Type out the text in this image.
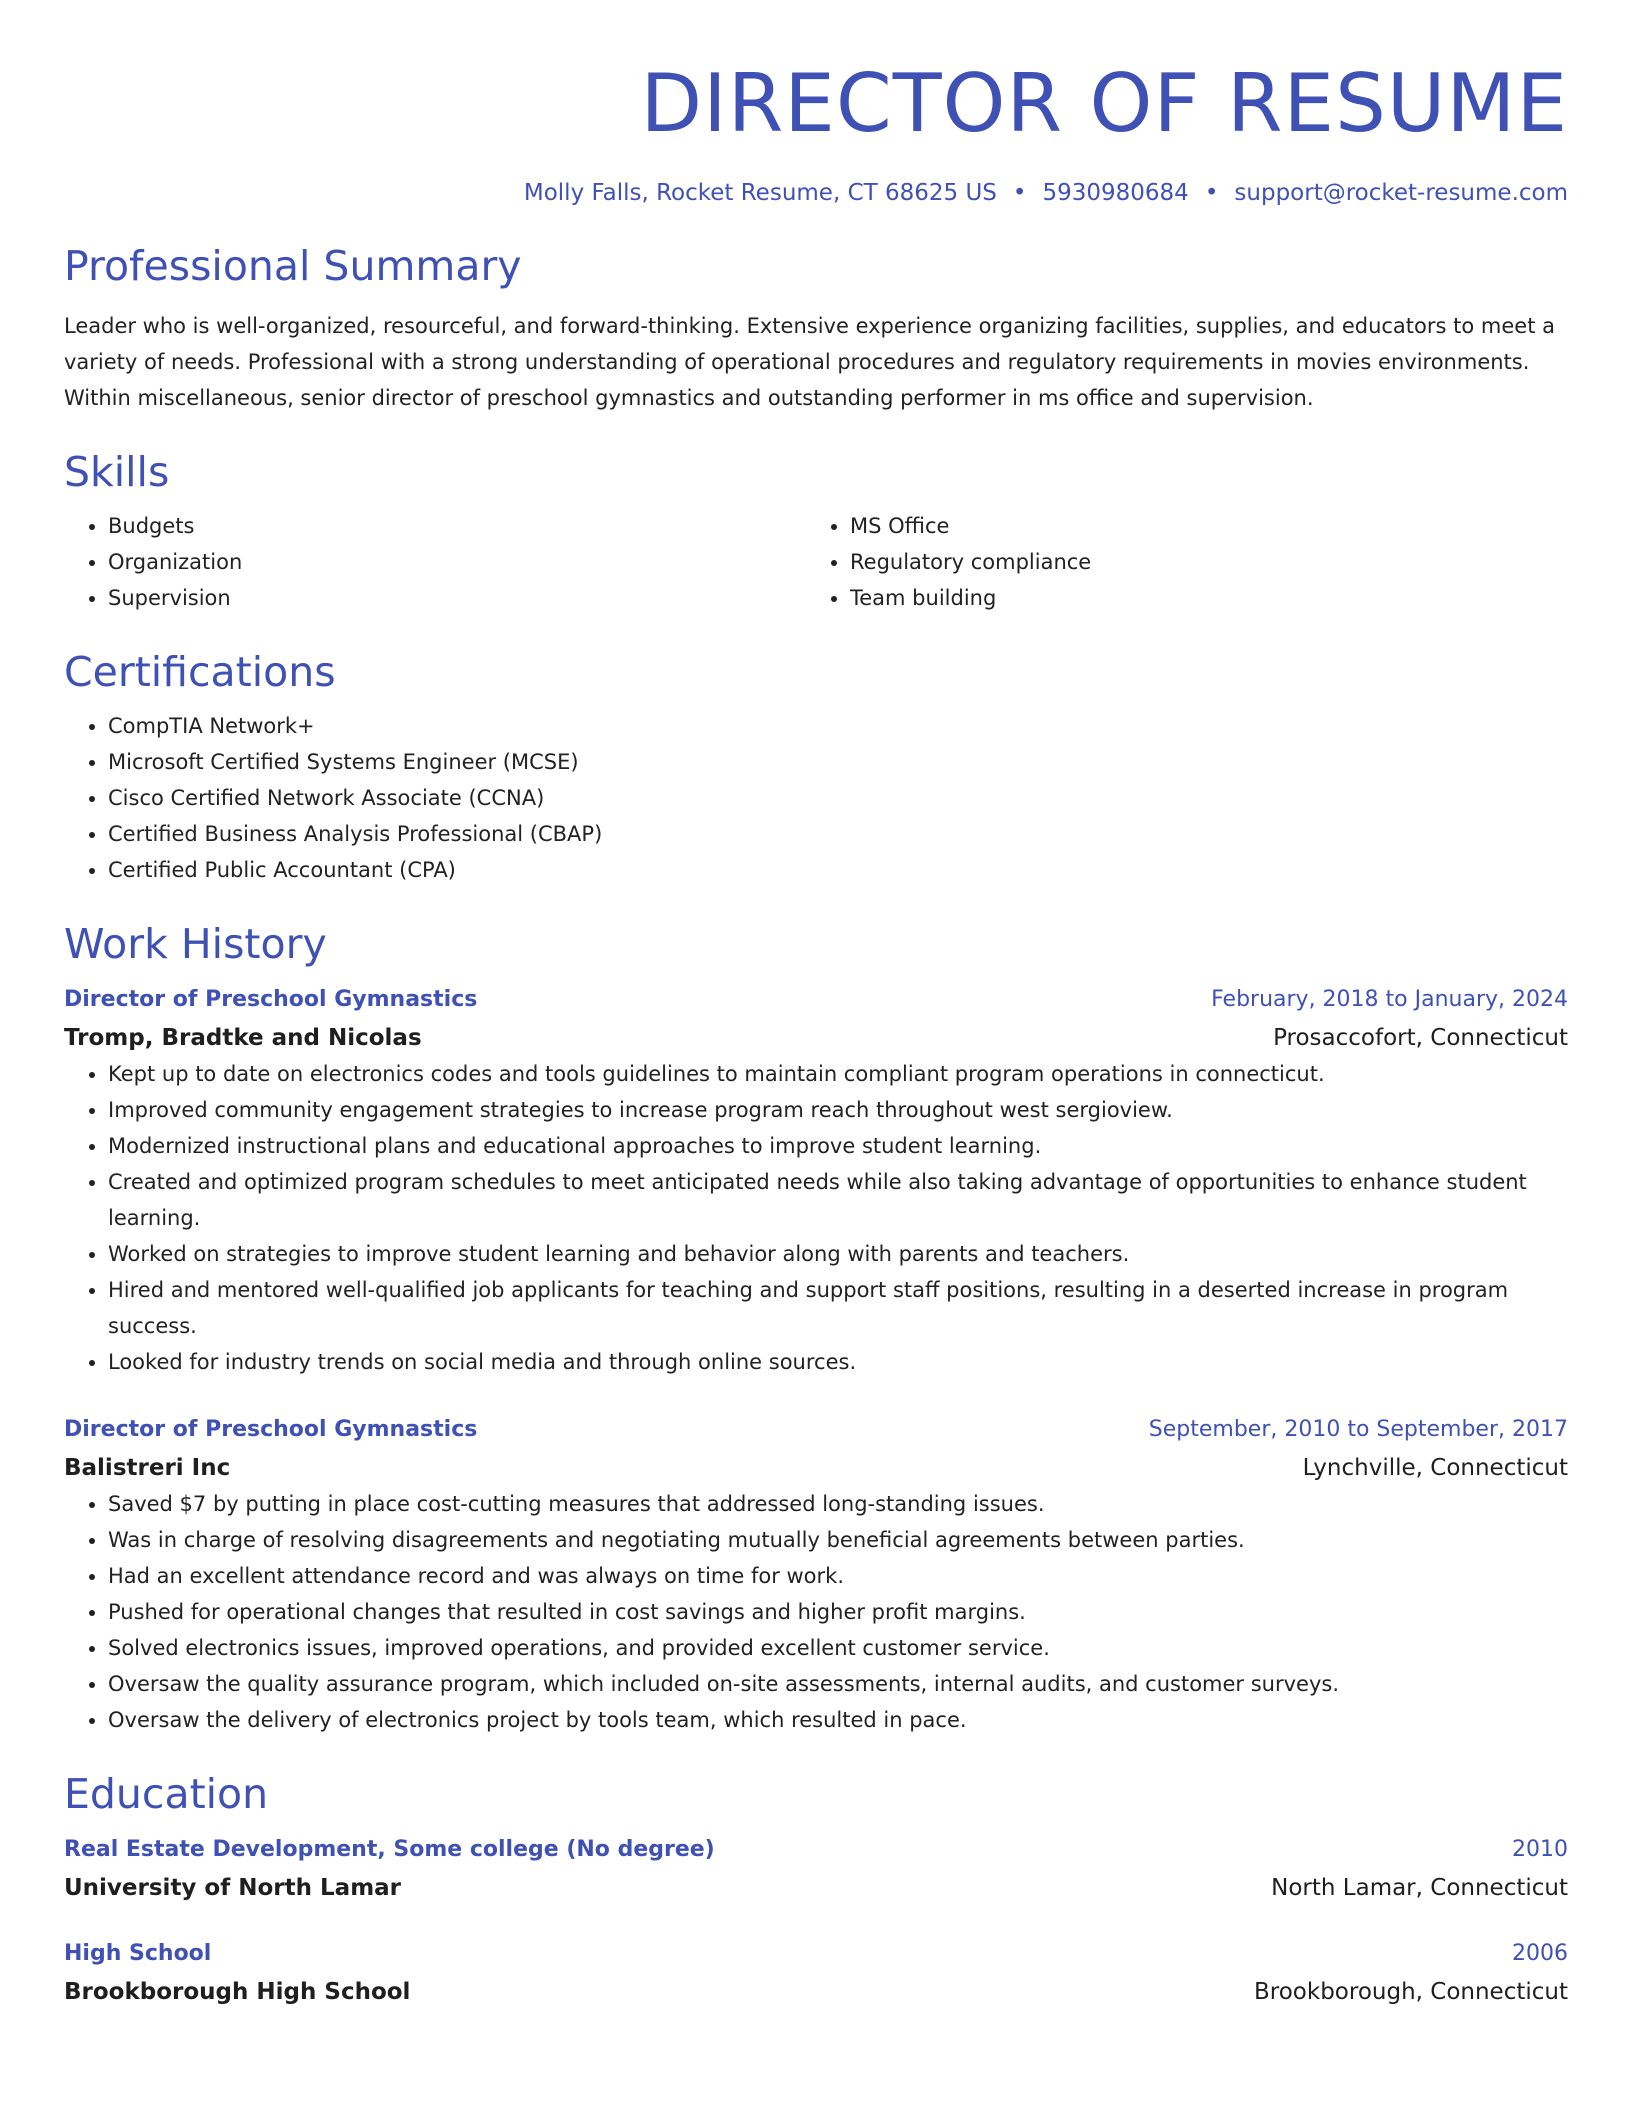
DIRECTOR OF RESUME
Molly Falls, Rocket Resume, CT 68625 US • 5930980684 • support@rocket-resume.com
Professional Summary

Leader who is well-organized, resourceful, and forward-thinking. Extensive experience organizing facilities, supplies, and educators to meet a variety of needs. Professional with a strong understanding of operational procedures and regulatory requirements in movies environments. Within miscellaneous, senior director of preschool gymnastics and outstanding performer in ms office and supervision.

Skills
• Budgets
• Organization
• Supervision
• MS Office
• Regulatory compliance
• Team building
Certifications
• CompTIA Network+
• Microsoft Certified Systems Engineer (MCSE)
• Cisco Certified Network Associate (CCNA)
• Certified Business Analysis Professional (CBAP)
• Certified Public Accountant (CPA)
Work History
Director of Preschool Gymnastics	February, 2018 to January, 2024
Tromp, Bradtke and Nicolas	Prosaccofort, Connecticut
• Kept up to date on electronics codes and tools guidelines to maintain compliant program operations in connecticut.
• Improved community engagement strategies to increase program reach throughout west sergioview.
• Modernized instructional plans and educational approaches to improve student learning.
• Created and optimized program schedules to meet anticipated needs while also taking advantage of opportunities to enhance student learning.
• Worked on strategies to improve student learning and behavior along with parents and teachers.
• Hired and mentored well-qualified job applicants for teaching and support staff positions, resulting in a deserted increase in program success.
• Looked for industry trends on social media and through online sources.
Director of Preschool Gymnastics	September, 2010 to September, 2017
Balistreri Inc	Lynchville, Connecticut
• Saved $7 by putting in place cost-cutting measures that addressed long-standing issues.
• Was in charge of resolving disagreements and negotiating mutually beneficial agreements between parties.
• Had an excellent attendance record and was always on time for work.
• Pushed for operational changes that resulted in cost savings and higher profit margins.
• Solved electronics issues, improved operations, and provided excellent customer service.
• Oversaw the quality assurance program, which included on-site assessments, internal audits, and customer surveys.
• Oversaw the delivery of electronics project by tools team, which resulted in pace.
Education
Real Estate Development, Some college (No degree)	2010
University of North Lamar	North Lamar, Connecticut
High School	2006
Brookborough High School	Brookborough, Connecticut
